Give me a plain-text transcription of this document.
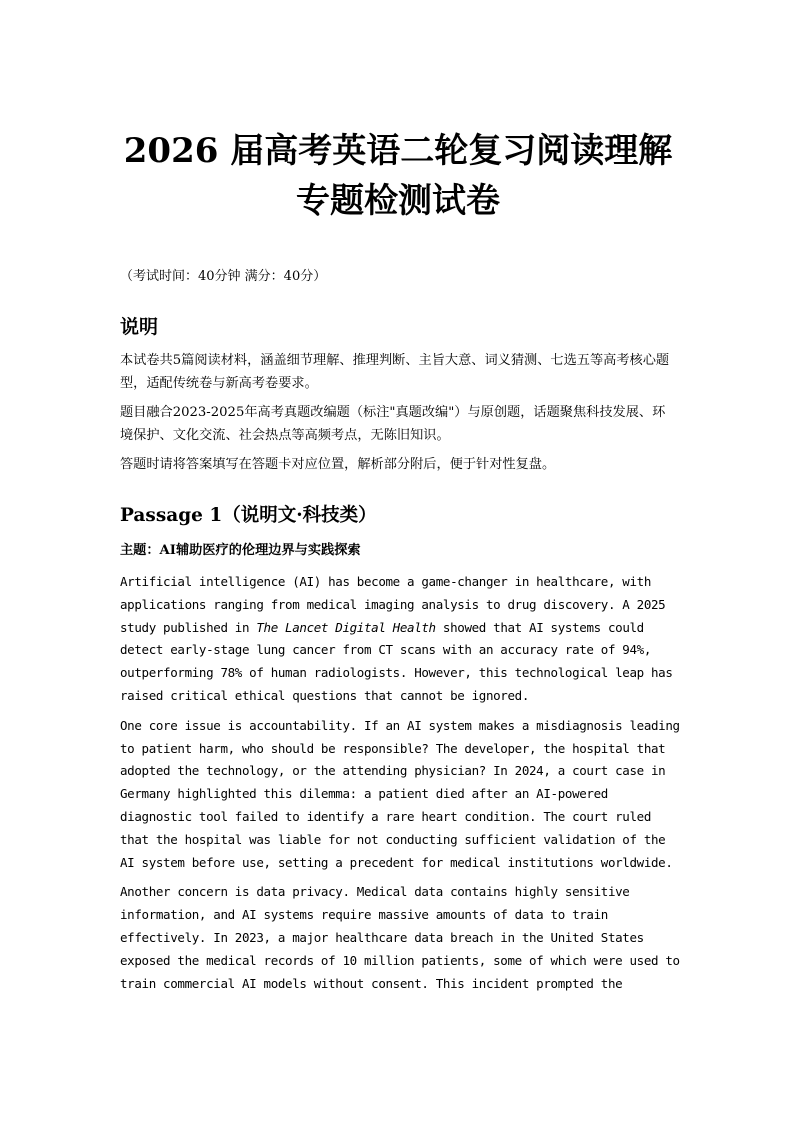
2026 届高考英语二轮复习阅读理解
专题检测试卷
（考试时间：40分钟 满分：40分）
说明

本试卷共5篇阅读材料，涵盖细节理解、推理判断、主旨大意、词义猜测、七选五等高考核心题型，适配传统卷与新高考卷要求。

题目融合2023-2025年高考真题改编题（标注"真题改编"）与原创题，话题聚焦科技发展、环境保护、文化交流、社会热点等高频考点，无陈旧知识。

答题时请将答案填写在答题卡对应位置，解析部分附后，便于针对性复盘。

Passage 1（说明文·科技类）
主题：AI辅助医疗的伦理边界与实践探索

Artificial intelligence (AI) has become a game-changer in healthcare, with applications ranging from medical imaging analysis to drug discovery. A 2025 study published in The Lancet Digital Health showed that AI systems could detect early-stage lung cancer from CT scans with an accuracy rate of 94%, outperforming 78% of human radiologists. However, this technological leap has raised critical ethical questions that cannot be ignored.

One core issue is accountability. If an AI system makes a misdiagnosis leading to patient harm, who should be responsible? The developer, the hospital that adopted the technology, or the attending physician? In 2024, a court case in Germany highlighted this dilemma: a patient died after an AI-powered diagnostic tool failed to identify a rare heart condition. The court ruled that the hospital was liable for not conducting sufficient validation of the AI system before use, setting a precedent for medical institutions worldwide.

Another concern is data privacy. Medical data contains highly sensitive information, and AI systems require massive amounts of data to train effectively. In 2023, a major healthcare data breach in the United States exposed the medical records of 10 million patients, some of which were used to train commercial AI models without consent. This incident prompted the
